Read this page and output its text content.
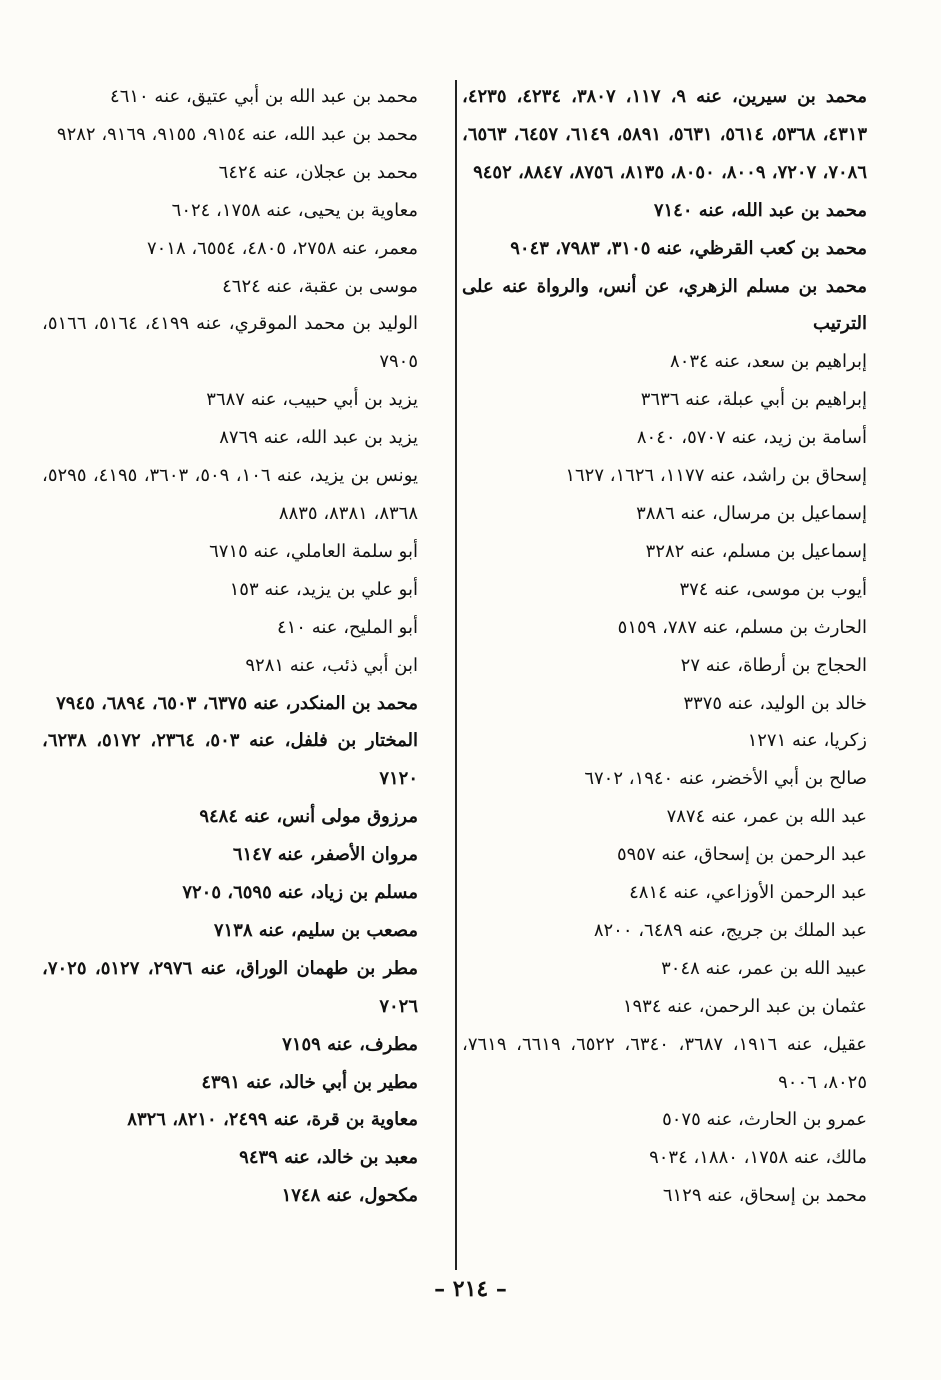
محمد بن سيرين، عنه ٩، ١١٧، ٣٨٠٧، ٤٢٣٤، ٤٢٣٥، ٤٣١٣، ٥٣٦٨، ٥٦١٤، ٥٦٣١، ٥٨٩١، ٦١٤٩، ٦٤٥٧، ٦٥٦٣، ٧٠٨٦، ٧٢٠٧، ٨٠٠٩، ٨٠٥٠، ٨١٣٥، ٨٧٥٦، ٨٨٤٧، ٩٤٥٢

محمد بن عبد الله، عنه ٧١٤٠

محمد بن كعب القرظي، عنه ٣١٠٥، ٧٩٨٣، ٩٠٤٣

محمد بن مسلم الزهري، عن أنس، والرواة عنه على الترتيب

إبراهيم بن سعد، عنه ٨٠٣٤

إبراهيم بن أبي عبلة، عنه ٣٦٣٦

أسامة بن زيد، عنه ٥٧٠٧، ٨٠٤٠

إسحاق بن راشد، عنه ١١٧٧، ١٦٢٦، ١٦٢٧

إسماعيل بن مرسال، عنه ٣٨٨٦

إسماعيل بن مسلم، عنه ٣٢٨٢

أيوب بن موسى، عنه ٣٧٤

الحارث بن مسلم، عنه ٧٨٧، ٥١٥٩

الحجاج بن أرطاة، عنه ٢٧

خالد بن الوليد، عنه ٣٣٧٥

زكريا، عنه ١٢٧١

صالح بن أبي الأخضر، عنه ١٩٤٠، ٦٧٠٢

عبد الله بن عمر، عنه ٧٨٧٤

عبد الرحمن بن إسحاق، عنه ٥٩٥٧

عبد الرحمن الأوزاعي، عنه ٤٨١٤

عبد الملك بن جريج، عنه ٦٤٨٩، ٨٢٠٠

عبيد الله بن عمر، عنه ٣٠٤٨

عثمان بن عبد الرحمن، عنه ١٩٣٤

عقيل، عنه ١٩١٦، ٣٦٨٧، ٦٣٤٠، ٦٥٢٢، ٦٦١٩، ٧٦١٩، ٨٠٢٥، ٩٠٠٦

عمرو بن الحارث، عنه ٥٠٧٥

مالك، عنه ١٧٥٨، ١٨٨٠، ٩٠٣٤

محمد بن إسحاق، عنه ٦١٢٩

محمد بن عبد الله بن أبي عتيق، عنه ٤٦١٠

محمد بن عبد الله، عنه ٩١٥٤، ٩١٥٥، ٩١٦٩، ٩٢٨٢

محمد بن عجلان، عنه ٦٤٢٤

معاوية بن يحيى، عنه ١٧٥٨، ٦٠٢٤

معمر، عنه ٢٧٥٨، ٤٨٠٥، ٦٥٥٤، ٧٠١٨

موسى بن عقبة، عنه ٤٦٢٤

الوليد بن محمد الموقري، عنه ٤١٩٩، ٥١٦٤، ٥١٦٦، ٧٩٠٥

يزيد بن أبي حبيب، عنه ٣٦٨٧

يزيد بن عبد الله، عنه ٨٧٦٩

يونس بن يزيد، عنه ١٠٦، ٥٠٩، ٣٦٠٣، ٤١٩٥، ٥٢٩٥، ٨٣٦٨، ٨٣٨١، ٨٨٣٥

أبو سلمة العاملي، عنه ٦٧١٥

أبو علي بن يزيد، عنه ١٥٣

أبو المليح، عنه ٤١٠

ابن أبي ذئب، عنه ٩٢٨١

محمد بن المنكدر، عنه ٦٣٧٥، ٦٥٠٣، ٦٨٩٤، ٧٩٤٥

المختار بن فلفل، عنه ٥٠٣، ٢٣٦٤، ٥١٧٢، ٦٢٣٨، ٧١٢٠

مرزوق مولى أنس، عنه ٩٤٨٤

مروان الأصفر، عنه ٦١٤٧

مسلم بن زياد، عنه ٦٥٩٥، ٧٢٠٥

مصعب بن سليم، عنه ٧١٣٨

مطر بن طهمان الوراق، عنه ٢٩٧٦، ٥١٢٧، ٧٠٢٥، ٧٠٢٦

مطرف، عنه ٧١٥٩

مطير بن أبي خالد، عنه ٤٣٩١

معاوية بن قرة، عنه ٢٤٩٩، ٨٢١٠، ٨٣٢٦

معبد بن خالد، عنه ٩٤٣٩

مكحول، عنه ١٧٤٨

– ٢١٤ –
